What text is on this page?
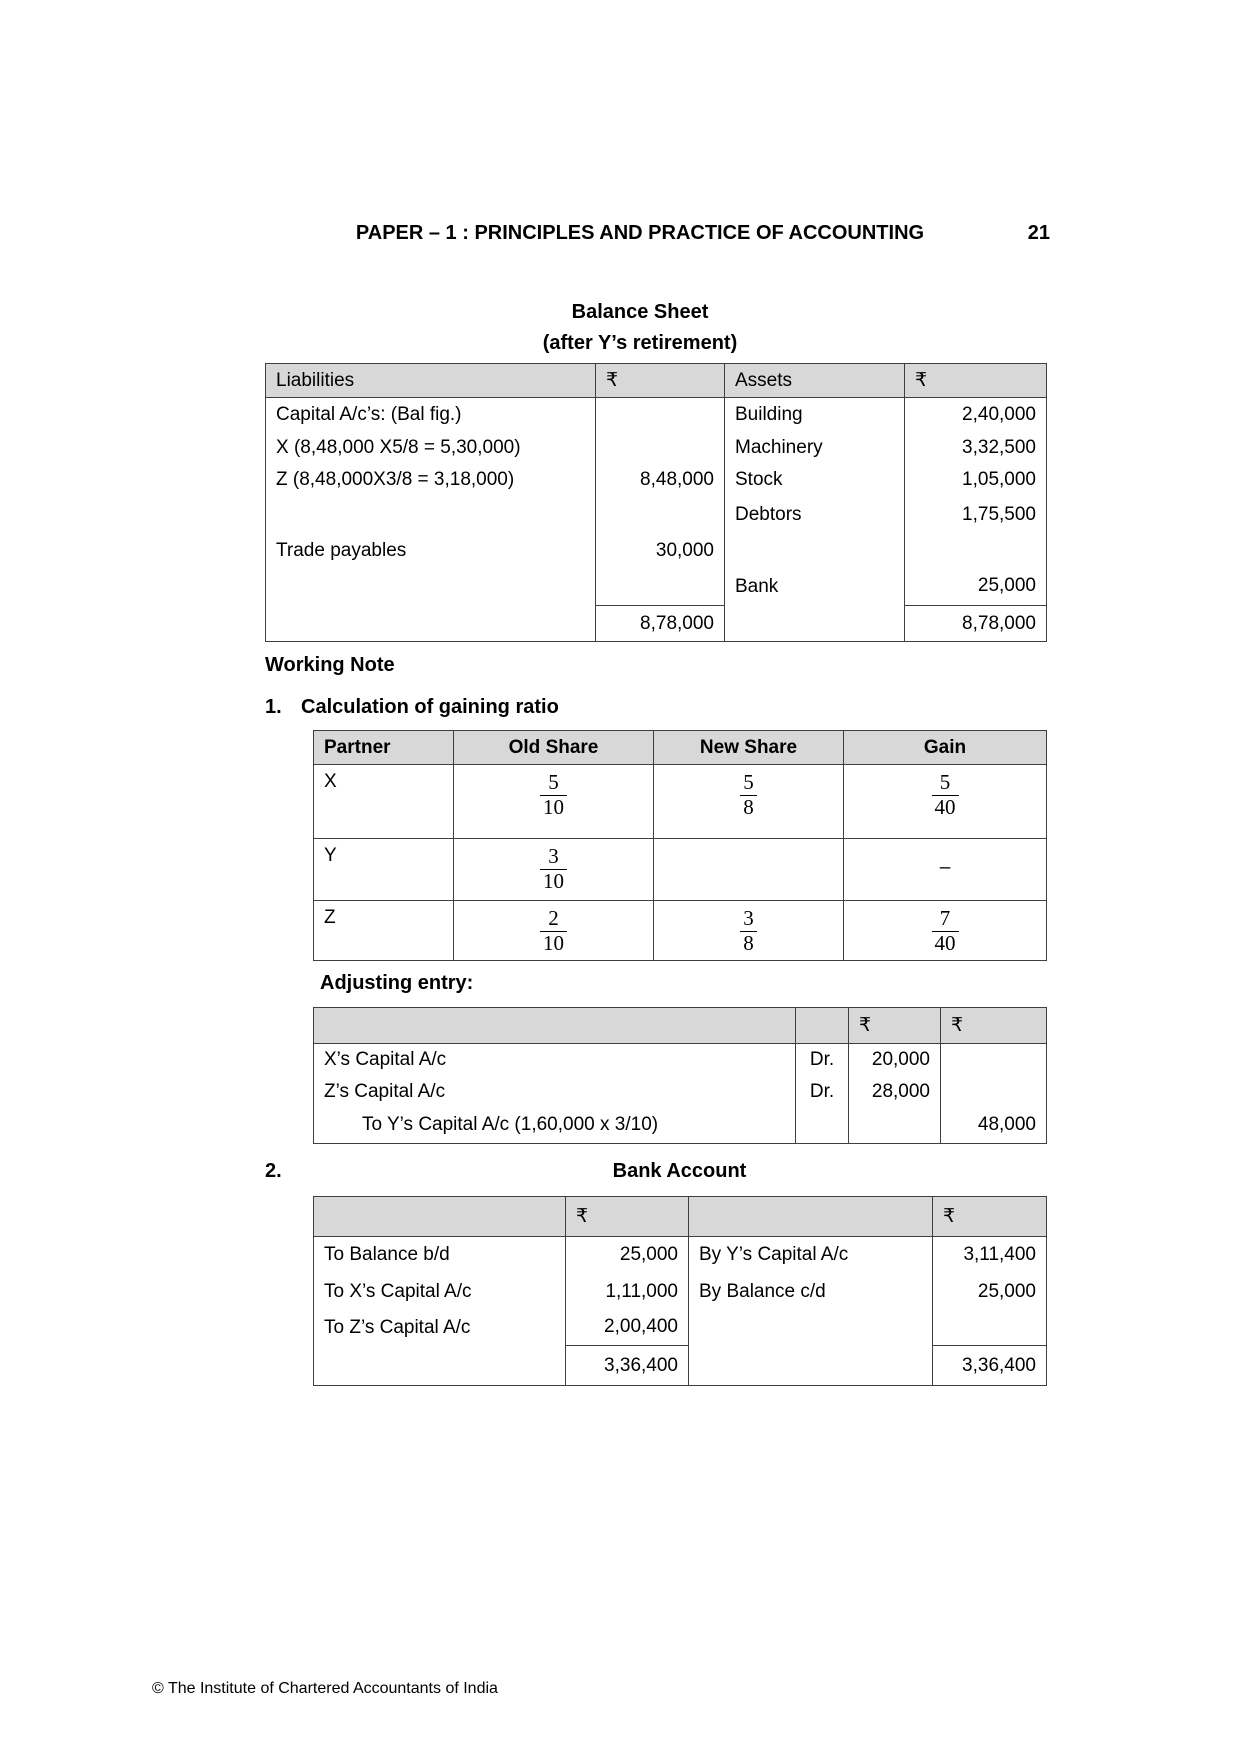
PAPER – 1 : PRINCIPLES AND PRACTICE OF ACCOUNTING	21
Balance Sheet
(after Y’s retirement)
Liabilities	₹	Assets	₹
Capital A/c’s: (Bal fig.)		Building	2,40,000
X (8,48,000 X5/8 = 5,30,000)		Machinery	3,32,500
Z (8,48,000X3/8 = 3,18,000)	8,48,000	Stock	1,05,000
		Debtors	1,75,500
Trade payables	30,000		
		Bank	25,000
	8,78,000		8,78,000
Working Note
1. Calculation of gaining ratio
Partner	Old Share	New Share	Gain
X	$\frac{5}{10}$	$\frac{5}{8}$	$\frac{5}{40}$

Y	$\frac{3}{10}$		–
Z	$\frac{2}{10}$	$\frac{3}{8}$	$\frac{7}{40}$
Adjusting entry:
		₹	₹
X’s Capital A/c	Dr.	20,000	
Z’s Capital A/c	Dr.	28,000	
To Y’s Capital A/c (1,60,000 x 3/10)			48,000
2.	Bank Account
	₹		₹
To Balance b/d	25,000	By Y’s Capital A/c	3,11,400
To X’s Capital A/c	1,11,000	By Balance c/d	25,000
To Z’s Capital A/c	2,00,400		
	3,36,400		3,36,400
© The Institute of Chartered Accountants of India
